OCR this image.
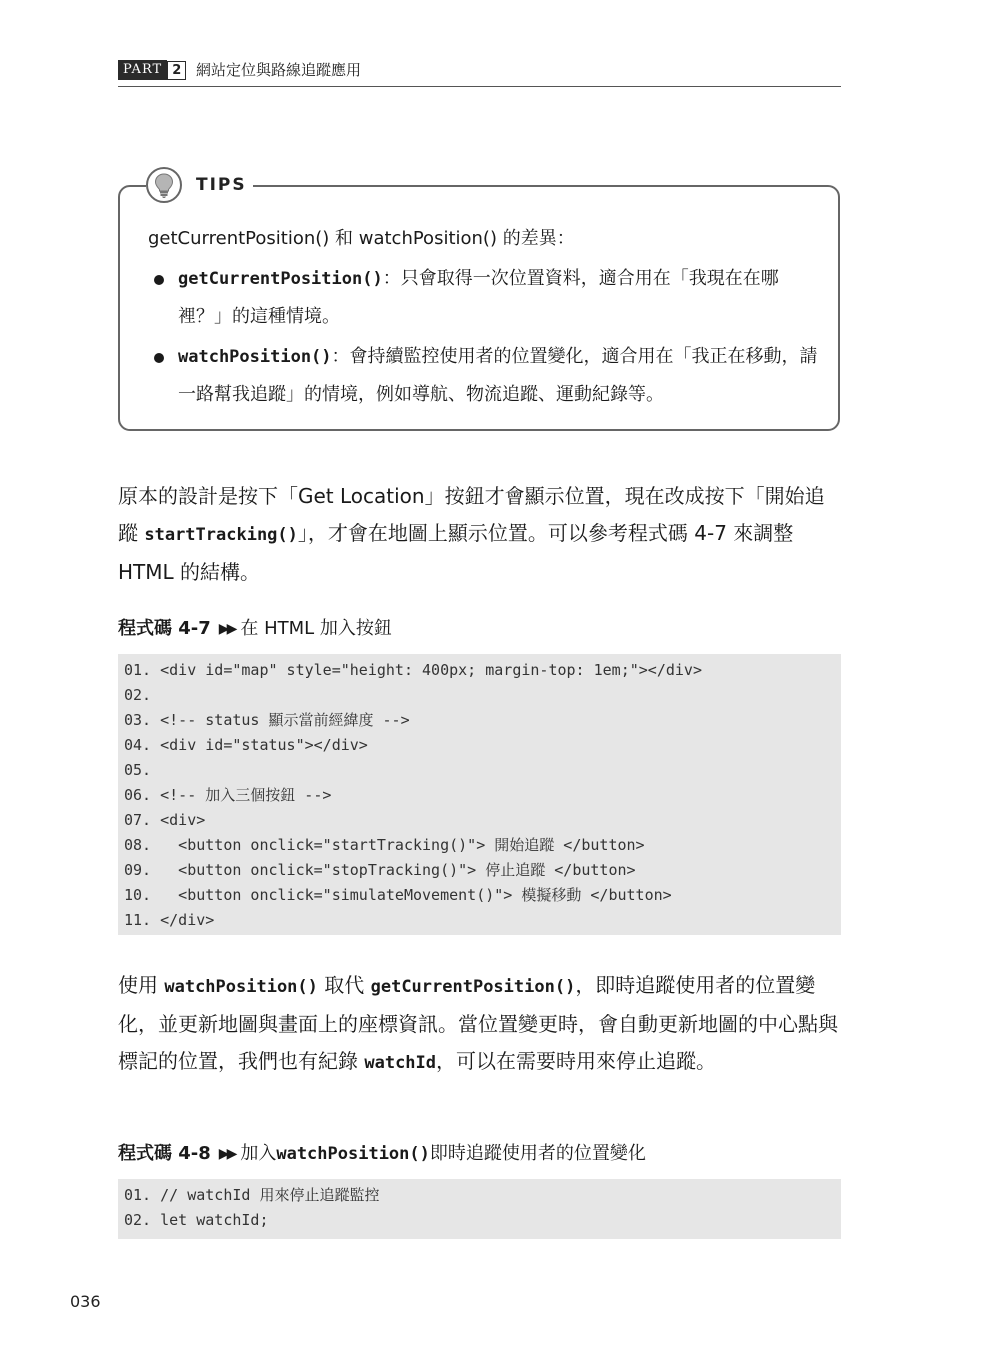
PART 2 網站定位與路線追蹤應用
TIPS

getCurrentPosition() 和 watchPosition() 的差異：

getCurrentPosition()：只會取得一次位置資料，適合用在「我現在在哪裡？」的這種情境。
watchPosition()：會持續監控使用者的位置變化，適合用在「我正在移動，請一路幫我追蹤」的情境，例如導航、物流追蹤、運動紀錄等。

原本的設計是按下「Get Location」按鈕才會顯示位置，現在改成按下「開始追蹤 startTracking()」，才會在地圖上顯示位置。可以參考程式碼 4-7 來調整 HTML 的結構。

程式碼 4-7 ▶▶ 在 HTML 加入按鈕
01. <div id="map" style="height: 400px; margin-top: 1em;"></div>
02.
03. <!-- status 顯示當前經緯度 -->
04. <div id="status"></div>
05.
06. <!-- 加入三個按鈕 -->
07. <div>
08.   <button onclick="startTracking()"> 開始追蹤 </button>
09.   <button onclick="stopTracking()"> 停止追蹤 </button>
10.   <button onclick="simulateMovement()"> 模擬移動 </button>
11. </div>

使用 watchPosition() 取代 getCurrentPosition()，即時追蹤使用者的位置變化，並更新地圖與畫面上的座標資訊。當位置變更時，會自動更新地圖的中心點與標記的位置，我們也有紀錄 watchId，可以在需要時用來停止追蹤。

程式碼 4-8 ▶▶ 加入 watchPosition() 即時追蹤使用者的位置變化
01. // watchId 用來停止追蹤監控
02. let watchId;
036
